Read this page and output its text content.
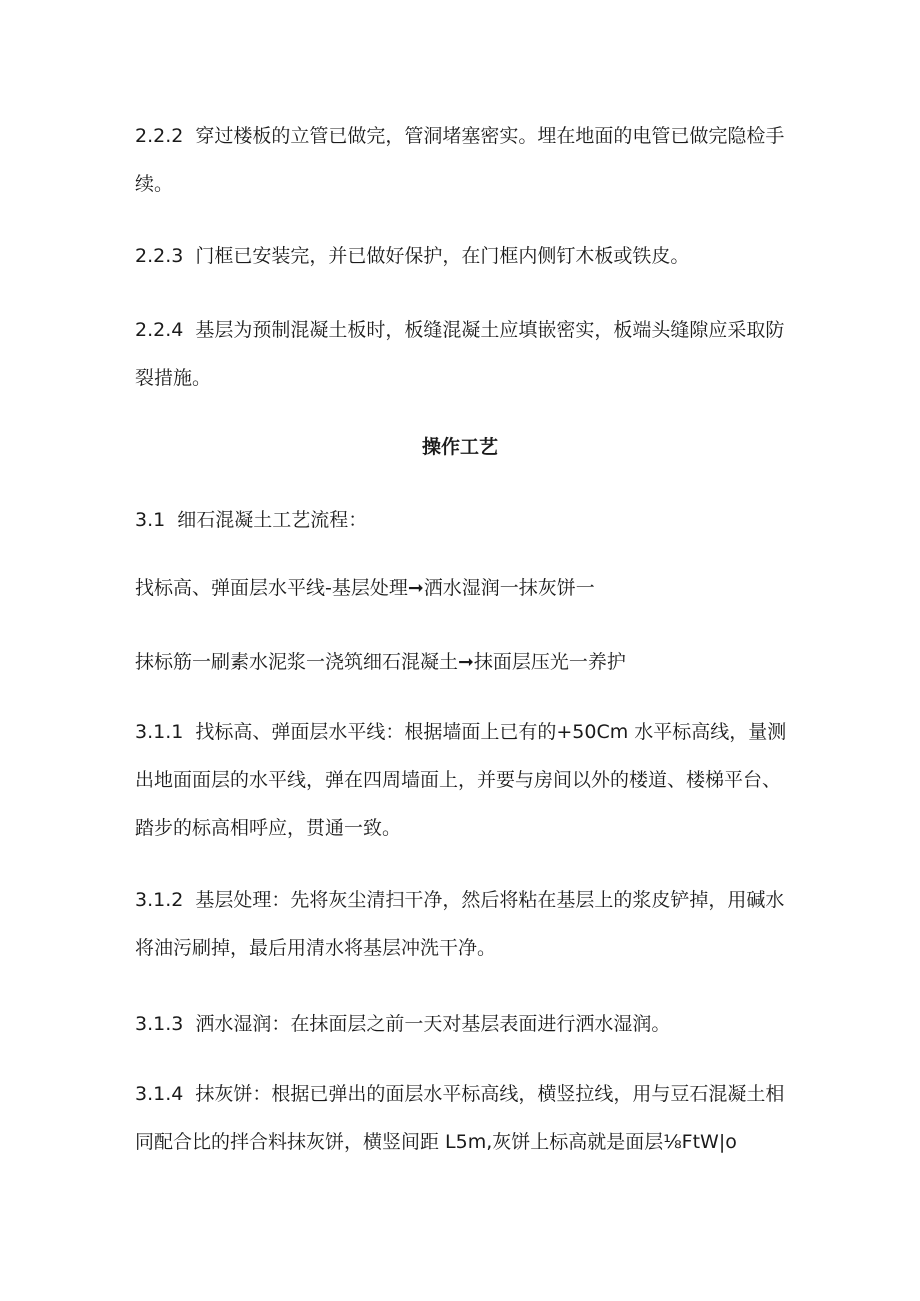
2.2.2 穿过楼板的立管已做完，管洞堵塞密实。埋在地面的电管已做完隐检手续。

2.2.3 门框已安装完，并已做好保护，在门框内侧钉木板或铁皮。

2.2.4 基层为预制混凝土板时，板缝混凝土应填嵌密实，板端头缝隙应采取防裂措施。

操作工艺

3.1 细石混凝土工艺流程：

找标高、弹面层水平线-基层处理➞洒水湿润一抹灰饼一

抹标筋一刷素水泥浆一浇筑细石混凝土➞抹面层压光一养护

3.1.1 找标高、弹面层水平线：根据墙面上已有的+50Cm 水平标高线，量测出地面面层的水平线，弹在四周墙面上，并要与房间以外的楼道、楼梯平台、踏步的标高相呼应，贯通一致。

3.1.2 基层处理：先将灰尘清扫干净，然后将粘在基层上的浆皮铲掉，用碱水将油污刷掉，最后用清水将基层冲洗干净。

3.1.3 洒水湿润：在抹面层之前一天对基层表面进行洒水湿润。

3.1.4 抹灰饼：根据已弹出的面层水平标高线，横竖拉线，用与豆石混凝土相同配合比的拌合料抹灰饼，横竖间距 L5m,灰饼上标高就是面层⅛FtW|o
